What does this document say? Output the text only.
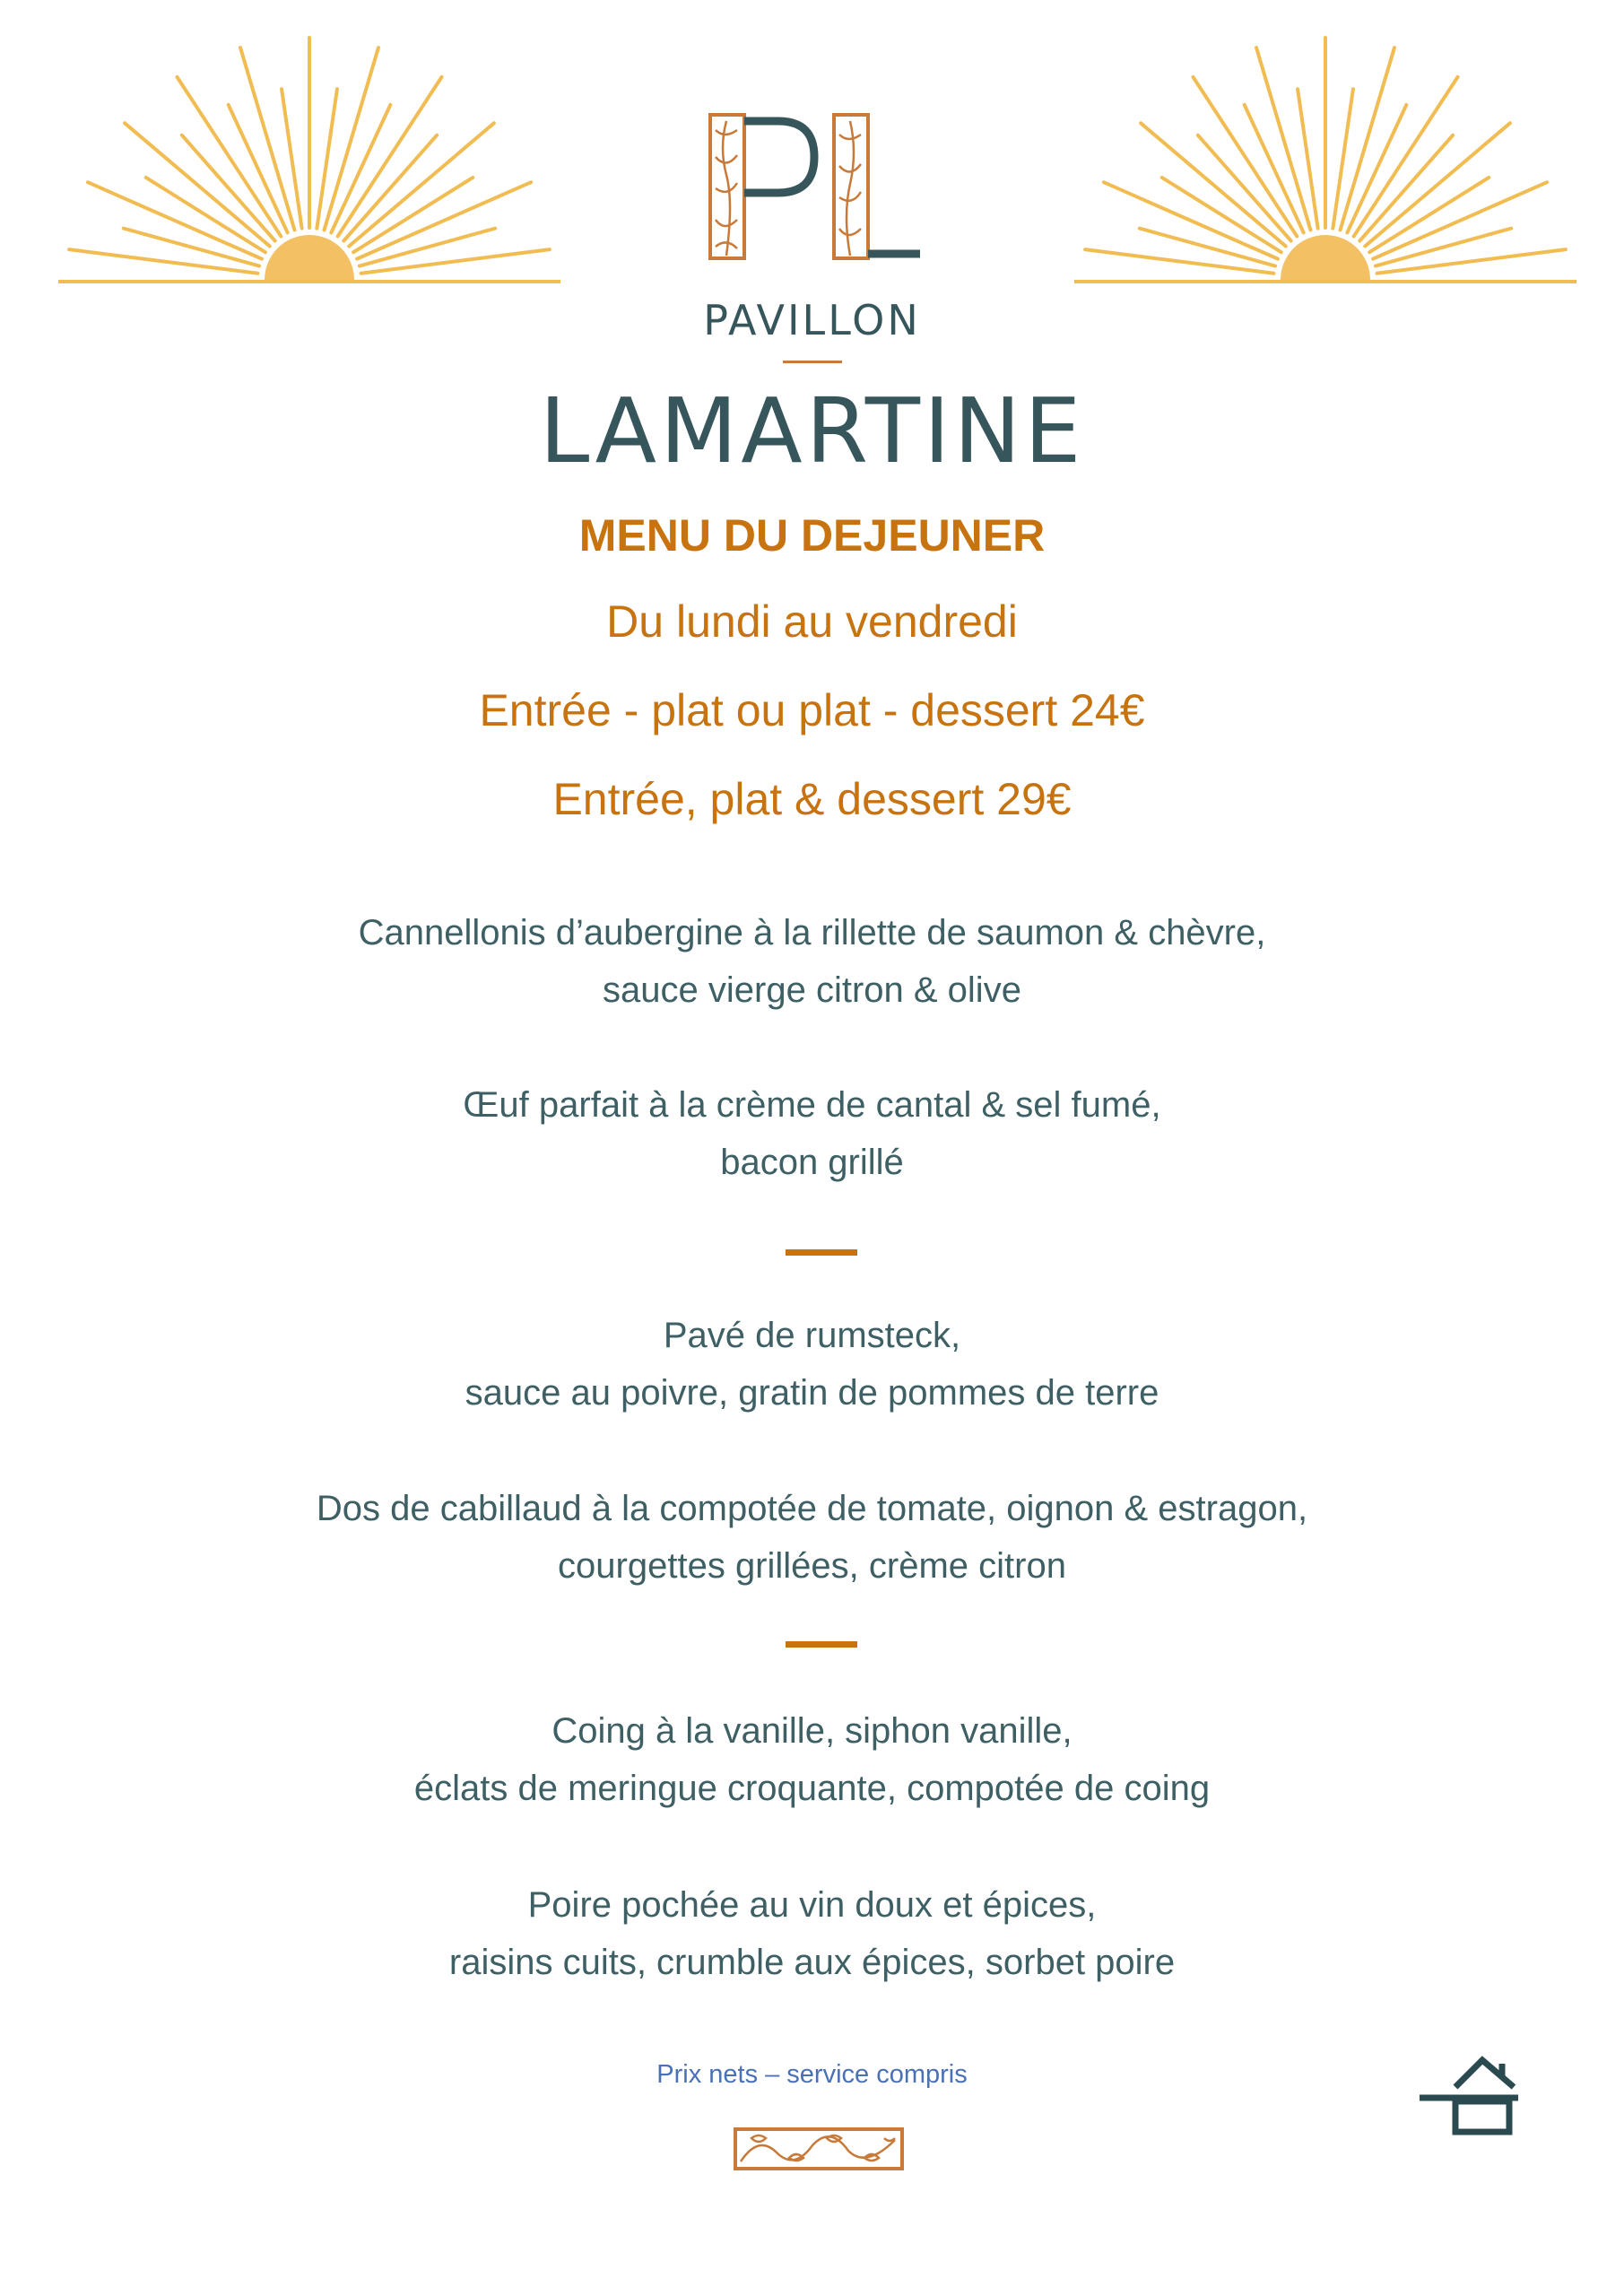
PAVILLON
LAMARTINE
MENU DU DEJEUNER
Du lundi au vendredi
Entrée - plat ou plat - dessert 24€
Entrée, plat & dessert 29€
Cannellonis d’aubergine à la rillette de saumon & chèvre,
sauce vierge citron & olive
Œuf parfait à la crème de cantal & sel fumé,
bacon grillé
Pavé de rumsteck,
sauce au poivre, gratin de pommes de terre
Dos de cabillaud à la compotée de tomate, oignon & estragon,
courgettes grillées, crème citron
Coing à la vanille, siphon vanille,
éclats de meringue croquante, compotée de coing
Poire pochée au vin doux et épices,
raisins cuits, crumble aux épices, sorbet poire
Prix nets – service compris
